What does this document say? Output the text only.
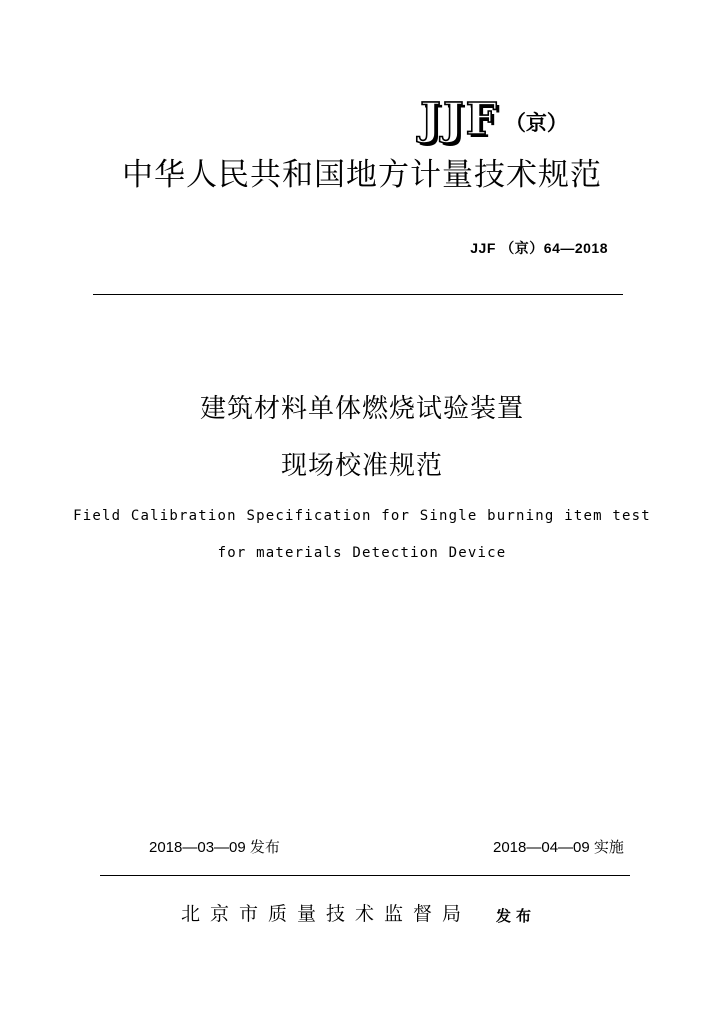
JJF （京）
中华人民共和国地方计量技术规范
JJF （京）64—2018
建筑材料单体燃烧试验装置
现场校准规范
Field Calibration Specification for Single burning item test
for materials Detection Device
2018—03—09 发布	2018—04—09 实施
北京市质量技术监督局 发布
